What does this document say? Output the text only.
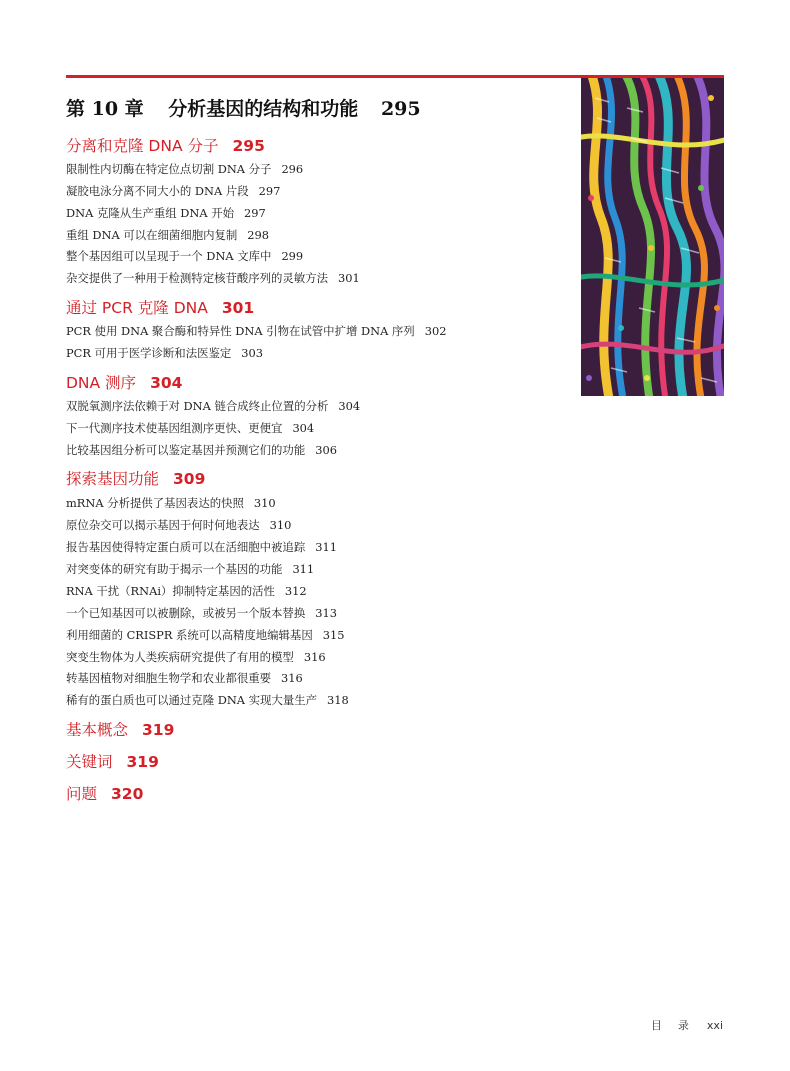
第 10 章 分析基因的结构和功能 295
分离和克隆 DNA 分子 295
限制性内切酶在特定位点切割 DNA 分子 296
凝胶电泳分离不同大小的 DNA 片段 297
DNA 克隆从生产重组 DNA 开始 297
重组 DNA 可以在细菌细胞内复制 298
整个基因组可以呈现于一个 DNA 文库中 299
杂交提供了一种用于检测特定核苷酸序列的灵敏方法 301
通过 PCR 克隆 DNA 301
PCR 使用 DNA 聚合酶和特异性 DNA 引物在试管中扩增 DNA 序列 302
PCR 可用于医学诊断和法医鉴定 303
DNA 测序 304
双脱氧测序法依赖于对 DNA 链合成终止位置的分析 304
下一代测序技术使基因组测序更快、更便宜 304
比较基因组分析可以鉴定基因并预测它们的功能 306
探索基因功能 309
mRNA 分析提供了基因表达的快照 310
原位杂交可以揭示基因于何时何地表达 310
报告基因使得特定蛋白质可以在活细胞中被追踪 311
对突变体的研究有助于揭示一个基因的功能 311
RNA 干扰（RNAi）抑制特定基因的活性 312
一个已知基因可以被删除，或被另一个版本替换 313
利用细菌的 CRISPR 系统可以高精度地编辑基因 315
突变生物体为人类疾病研究提供了有用的模型 316
转基因植物对细胞生物学和农业都很重要 316
稀有的蛋白质也可以通过克隆 DNA 实现大量生产 318
基本概念 319
关键词 319
问题 320
目 录 xxi
